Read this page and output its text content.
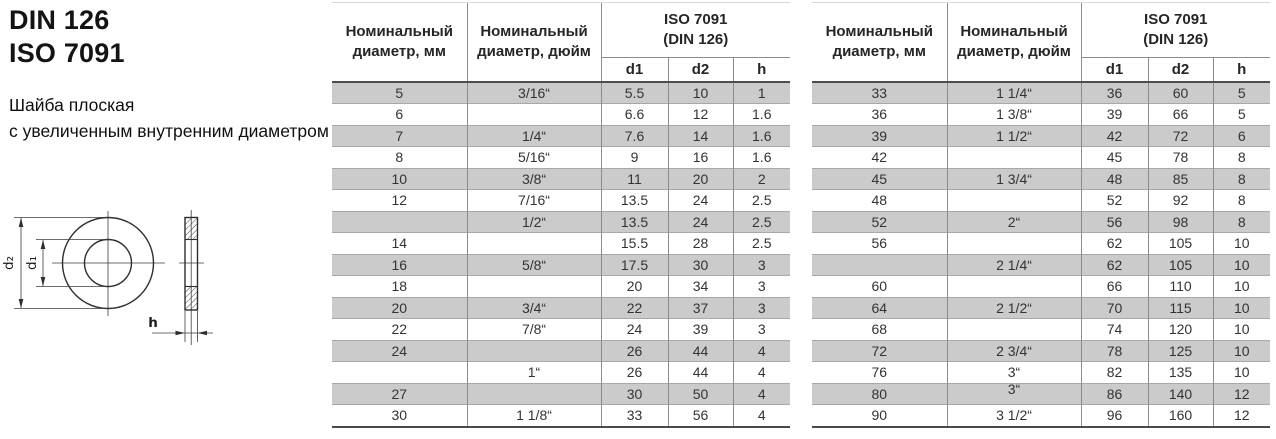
DIN 126
ISO 7091
Шайба плоская
с увеличенным внутренним диаметром
d₂ d₁
h
Номинальный диаметр, мм	Номинальный диаметр, дюйм	ISO 7091
(DIN 126)		

		d1	d2	h
5	3/16“	5.5	10	1
6		6.6	12	1.6
7	1/4“	7.6	14	1.6
8	5/16“	9	16	1.6
10	3/8“	11	20	2
12	7/16“	13.5	24	2.5
	1/2“	13.5	24	2.5
14		15.5	28	2.5
16	5/8“	17.5	30	3
18		20	34	3
20	3/4“	22	37	3
22	7/8“	24	39	3
24		26	44	4
	1“	26	44	4
27		30	50	4
30	1 1/8“	33	56	4
Номинальный диаметр, мм	Номинальный диаметр, дюйм	ISO 7091
(DIN 126)		

		d1	d2	h
33	1 1/4“	36	60	5
36	1 3/8“	39	66	5
39	1 1/2“	42	72	6
42		45	78	8
45	1 3/4“	48	85	8
48		52	92	8
52	2“	56	98	8
56		62	105	10
	2 1/4“	62	105	10
60		66	110	10
64	2 1/2“	70	115	10
68		74	120	10
72	2 3/4“	78	125	10
76	3“	82	135	10
80	3“	86	140	12
90	3 1/2“	96	160	12
